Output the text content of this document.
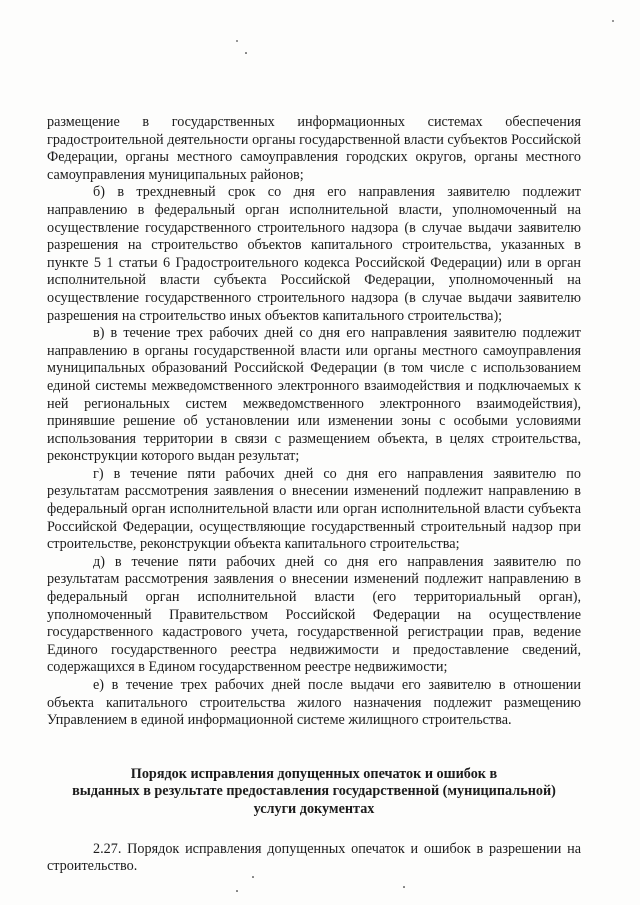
размещение в государственных информационных системах обеспечения градостроительной деятельности органы государственной власти субъектов Российской Федерации, органы местного самоуправления городских округов, органы местного самоуправления муниципальных районов;

б) в трехдневный срок со дня его направления заявителю подлежит направлению в федеральный орган исполнительной власти, уполномоченный на осуществление государственного строительного надзора (в случае выдачи заявителю разрешения на строительство объектов капитального строительства, указанных в пункте 5 1 статьи 6 Градостроительного кодекса Российской Федерации) или в орган исполнительной власти субъекта Российской Федерации, уполномоченный на осуществление государственного строительного надзора (в случае выдачи заявителю разрешения на строительство иных объектов капитального строительства);

в) в течение трех рабочих дней со дня его направления заявителю подлежит направлению в органы государственной власти или органы местного самоуправления муниципальных образований Российской Федерации (в том числе с использованием единой системы межведомственного электронного взаимодействия и подключаемых к ней региональных систем межведомственного электронного взаимодействия), принявшие решение об установлении или изменении зоны с особыми условиями использования территории в связи с размещением объекта, в целях строительства, реконструкции которого выдан результат;

г) в течение пяти рабочих дней со дня его направления заявителю по результатам рассмотрения заявления о внесении изменений подлежит направлению в федеральный орган исполнительной власти или орган исполнительной власти субъекта Российской Федерации, осуществляющие государственный строительный надзор при строительстве, реконструкции объекта капитального строительства;

д) в течение пяти рабочих дней со дня его направления заявителю по результатам рассмотрения заявления о внесении изменений подлежит направлению в федеральный орган исполнительной власти (его территориальный орган), уполномоченный Правительством Российской Федерации на осуществление государственного кадастрового учета, государственной регистрации прав, ведение Единого государственного реестра недвижимости и предоставление сведений, содержащихся в Едином государственном реестре недвижимости;

е) в течение трех рабочих дней после выдачи его заявителю в отношении объекта капитального строительства жилого назначения подлежит размещению Управлением в единой информационной системе жилищного строительства.

Порядок исправления допущенных опечаток и ошибок в
выданных в результате предоставления государственной (муниципальной)
услуги документах

2.27. Порядок исправления допущенных опечаток и ошибок в разрешении на строительство.
